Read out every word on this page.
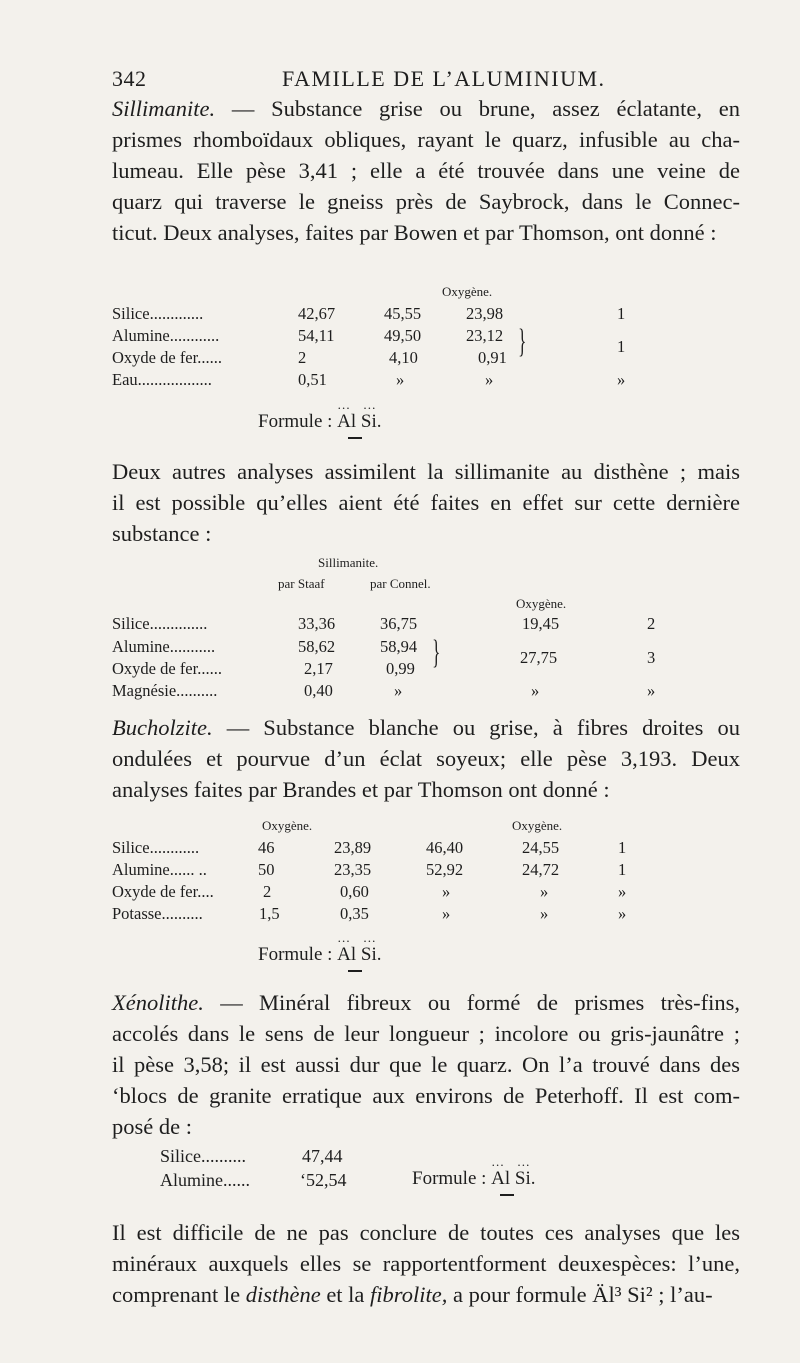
342	FAMILLE DE L’ALUMINIUM.
Sillimanite. — Substance grise ou brune, assez éclatante, en
prismes rhomboïdaux obliques, rayant le quarz, infusible au cha-
lumeau. Elle pèse 3,41 ; elle a été trouvée dans une veine de
quarz qui traverse le gneiss près de Saybrock, dans le Connec-
ticut. Deux analyses, faites par Bowen et par Thomson, ont donné :
Oxygène.
Silice.............	42,67	45,55	23,98	1
Alumine............	54,11	49,50	23,12
Oxyde de fer......	2	4,10	0,91 }	1
Eau..................	0,51	»	»	»
Formule : … Al … Si.
Deux autres analyses assimilent la sillimanite au disthène ; mais
il est possible qu’elles aient été faites en effet sur cette dernière
substance :
Sillimanite.
par Staaf	par Connel.
Oxygène.
Silice..............	33,36	36,75	19,45	2
Alumine...........	58,62	58,94
Oxyde de fer......	2,17	0,99 }	27,75	3
Magnésie..........	0,40	»	»	»
Bucholzite. — Substance blanche ou grise, à fibres droites ou
ondulées et pourvue d’un éclat soyeux; elle pèse 3,193. Deux
analyses faites par Brandes et par Thomson ont donné :
Oxygène.	Oxygène.
Silice............	46	23,89	46,40	24,55	1
Alumine...... ..	50	23,35	52,92	24,72	1
Oxyde de fer....	2	0,60	»	»	»
Potasse..........	1,5	0,35	»	»	»
Formule : … Al … Si.
Xénolithe. — Minéral fibreux ou formé de prismes très-fins,
accolés dans le sens de leur longueur ; incolore ou gris-jaunâtre ;
il pèse 3,58; il est aussi dur que le quarz. On l’a trouvé dans des
‘blocs de granite erratique aux environs de Peterhoff. Il est com-
posé de :
Silice..........	47,44
Alumine......	‘52,54	Formule : … Al … Si.
Il est difficile de ne pas conclure de toutes ces analyses que les
minéraux auxquels elles se rapportentforment deuxespèces: l’une,
comprenant le disthène et la fibrolite, a pour formule Äl³ Si² ; l’au-
